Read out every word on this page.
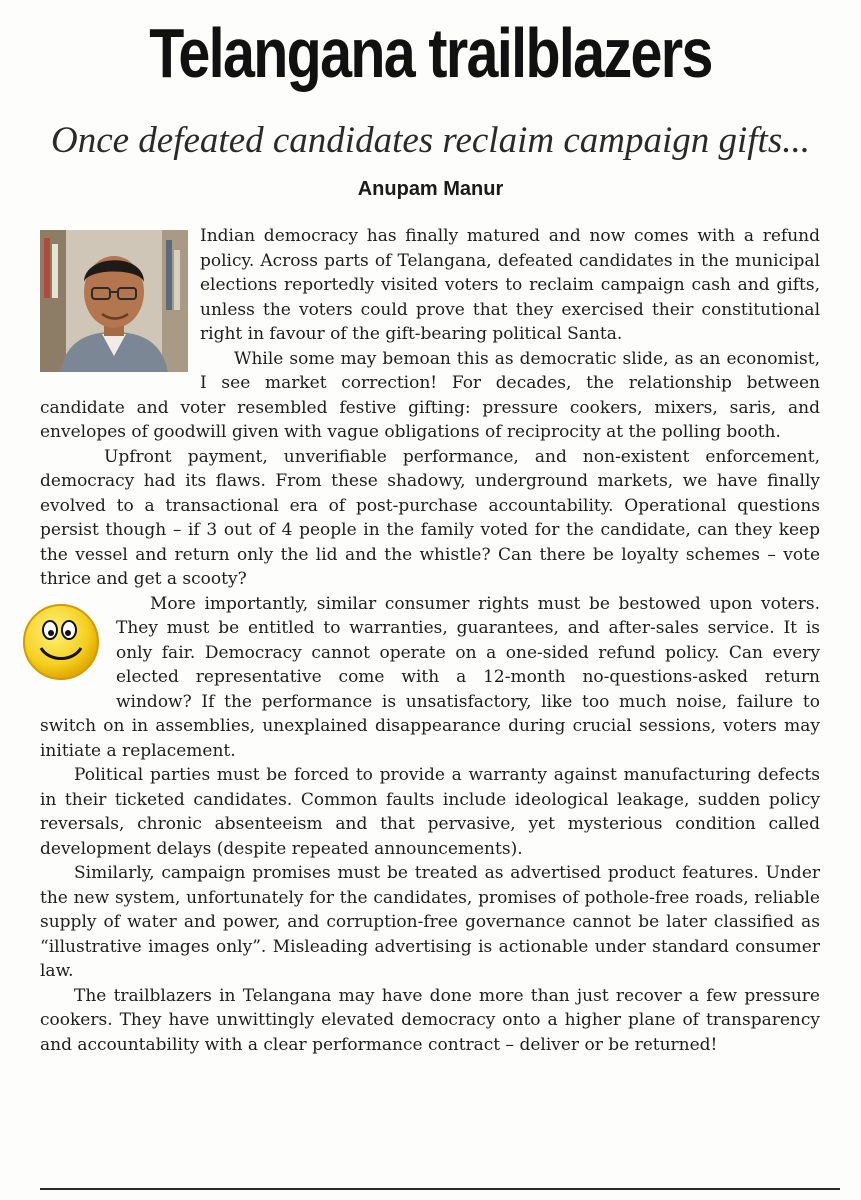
Telangana trailblazers
Once defeated candidates reclaim campaign gifts...
Anupam Manur

Indian democracy has finally matured and now comes with a refund policy. Across parts of Telangana, defeated candidates in the municipal elections reportedly visited voters to reclaim campaign cash and gifts, unless the voters could prove that they exercised their constitutional right in favour of the gift-bearing political Santa.

While some may bemoan this as democratic slide, as an economist, I see market correction! For decades, the relationship between candidate and voter resembled festive gifting: pressure cookers, mixers, saris, and envelopes of goodwill given with vague obligations of reciprocity at the polling booth.

Upfront payment, unverifiable performance, and non-existent enforcement, democracy had its flaws. From these shadowy, underground markets, we have finally evolved to a transactional era of post-purchase accountability. Operational questions persist though – if 3 out of 4 people in the family voted for the candidate, can they keep the vessel and return only the lid and the whistle? Can there be loyalty schemes – vote thrice and get a scooty?

More importantly, similar consumer rights must be bestowed upon voters. They must be entitled to warranties, guarantees, and after-sales service. It is only fair. Democracy cannot operate on a one-sided refund policy. Can every elected representative come with a 12-month no-questions-asked return window? If the performance is unsatisfactory, like too much noise, failure to switch on in assemblies, unexplained disappearance during crucial sessions, voters may initiate a replacement.

Political parties must be forced to provide a warranty against manufacturing defects in their ticketed candidates. Common faults include ideological leakage, sudden policy reversals, chronic absenteeism and that pervasive, yet mysterious condition called development delays (despite repeated announcements).

Similarly, campaign promises must be treated as advertised product features. Under the new system, unfortunately for the candidates, promises of pothole-free roads, reliable supply of water and power, and corruption-free governance cannot be later classified as “illustrative images only”. Misleading advertising is actionable under standard consumer law.

The trailblazers in Telangana may have done more than just recover a few pressure cookers. They have unwittingly elevated democracy onto a higher plane of transparency and accountability with a clear performance contract – deliver or be returned!
